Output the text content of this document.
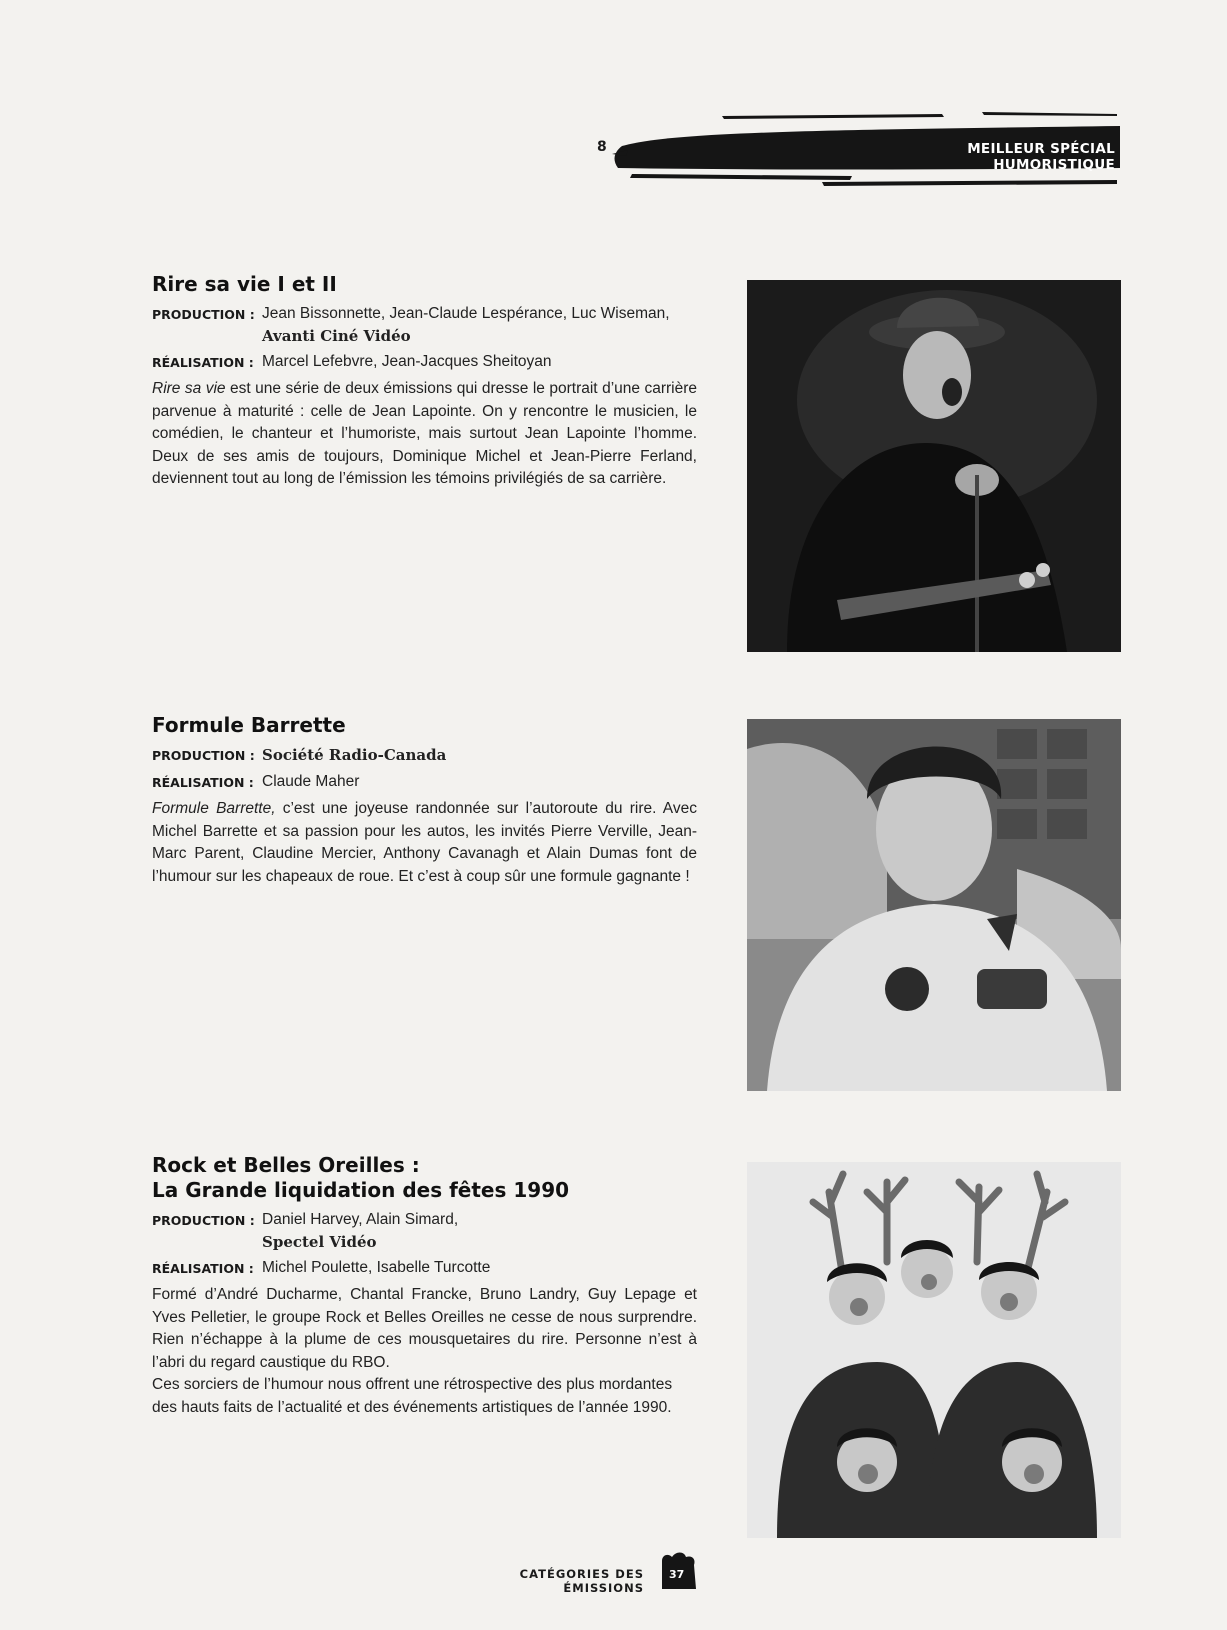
8	MEILLEUR SPÉCIAL HUMORISTIQUE
Rire sa vie I et II
PRODUCTION : Jean Bissonnette, Jean-Claude Lespérance, Luc Wiseman,
Avanti Ciné Vidéo
RÉALISATION : Marcel Lefebvre, Jean-Jacques Sheitoyan
Rire sa vie est une série de deux émissions qui dresse le portrait d’une carrière parvenue à maturité : celle de Jean Lapointe. On y rencontre le musicien, le comédien, le chanteur et l’humoriste, mais surtout Jean Lapointe l’homme. Deux de ses amis de toujours, Dominique Michel et Jean-Pierre Ferland, deviennent tout au long de l’émission les témoins privilégiés de sa carrière.
Formule Barrette
PRODUCTION : Société Radio-Canada
RÉALISATION : Claude Maher
Formule Barrette, c’est une joyeuse randonnée sur l’autoroute du rire. Avec Michel Barrette et sa passion pour les autos, les invités Pierre Verville, Jean-Marc Parent, Claudine Mercier, Anthony Cavanagh et Alain Dumas font de l’humour sur les chapeaux de roue. Et c’est à coup sûr une formule gagnante !
Rock et Belles Oreilles :
La Grande liquidation des fêtes 1990
PRODUCTION : Daniel Harvey, Alain Simard,
Spectel Vidéo
RÉALISATION : Michel Poulette, Isabelle Turcotte
Formé d’André Ducharme, Chantal Francke, Bruno Landry, Guy Lepage et Yves Pelletier, le groupe Rock et Belles Oreilles ne cesse de nous surprendre. Rien n’échappe à la plume de ces mousquetaires du rire. Personne n’est à l’abri du regard caustique du RBO.
Ces sorciers de l’humour nous offrent une rétrospective des plus mordantes des hauts faits de l’actualité et des événements artistiques de l’année 1990.
CATÉGORIES DES ÉMISSIONS
37
